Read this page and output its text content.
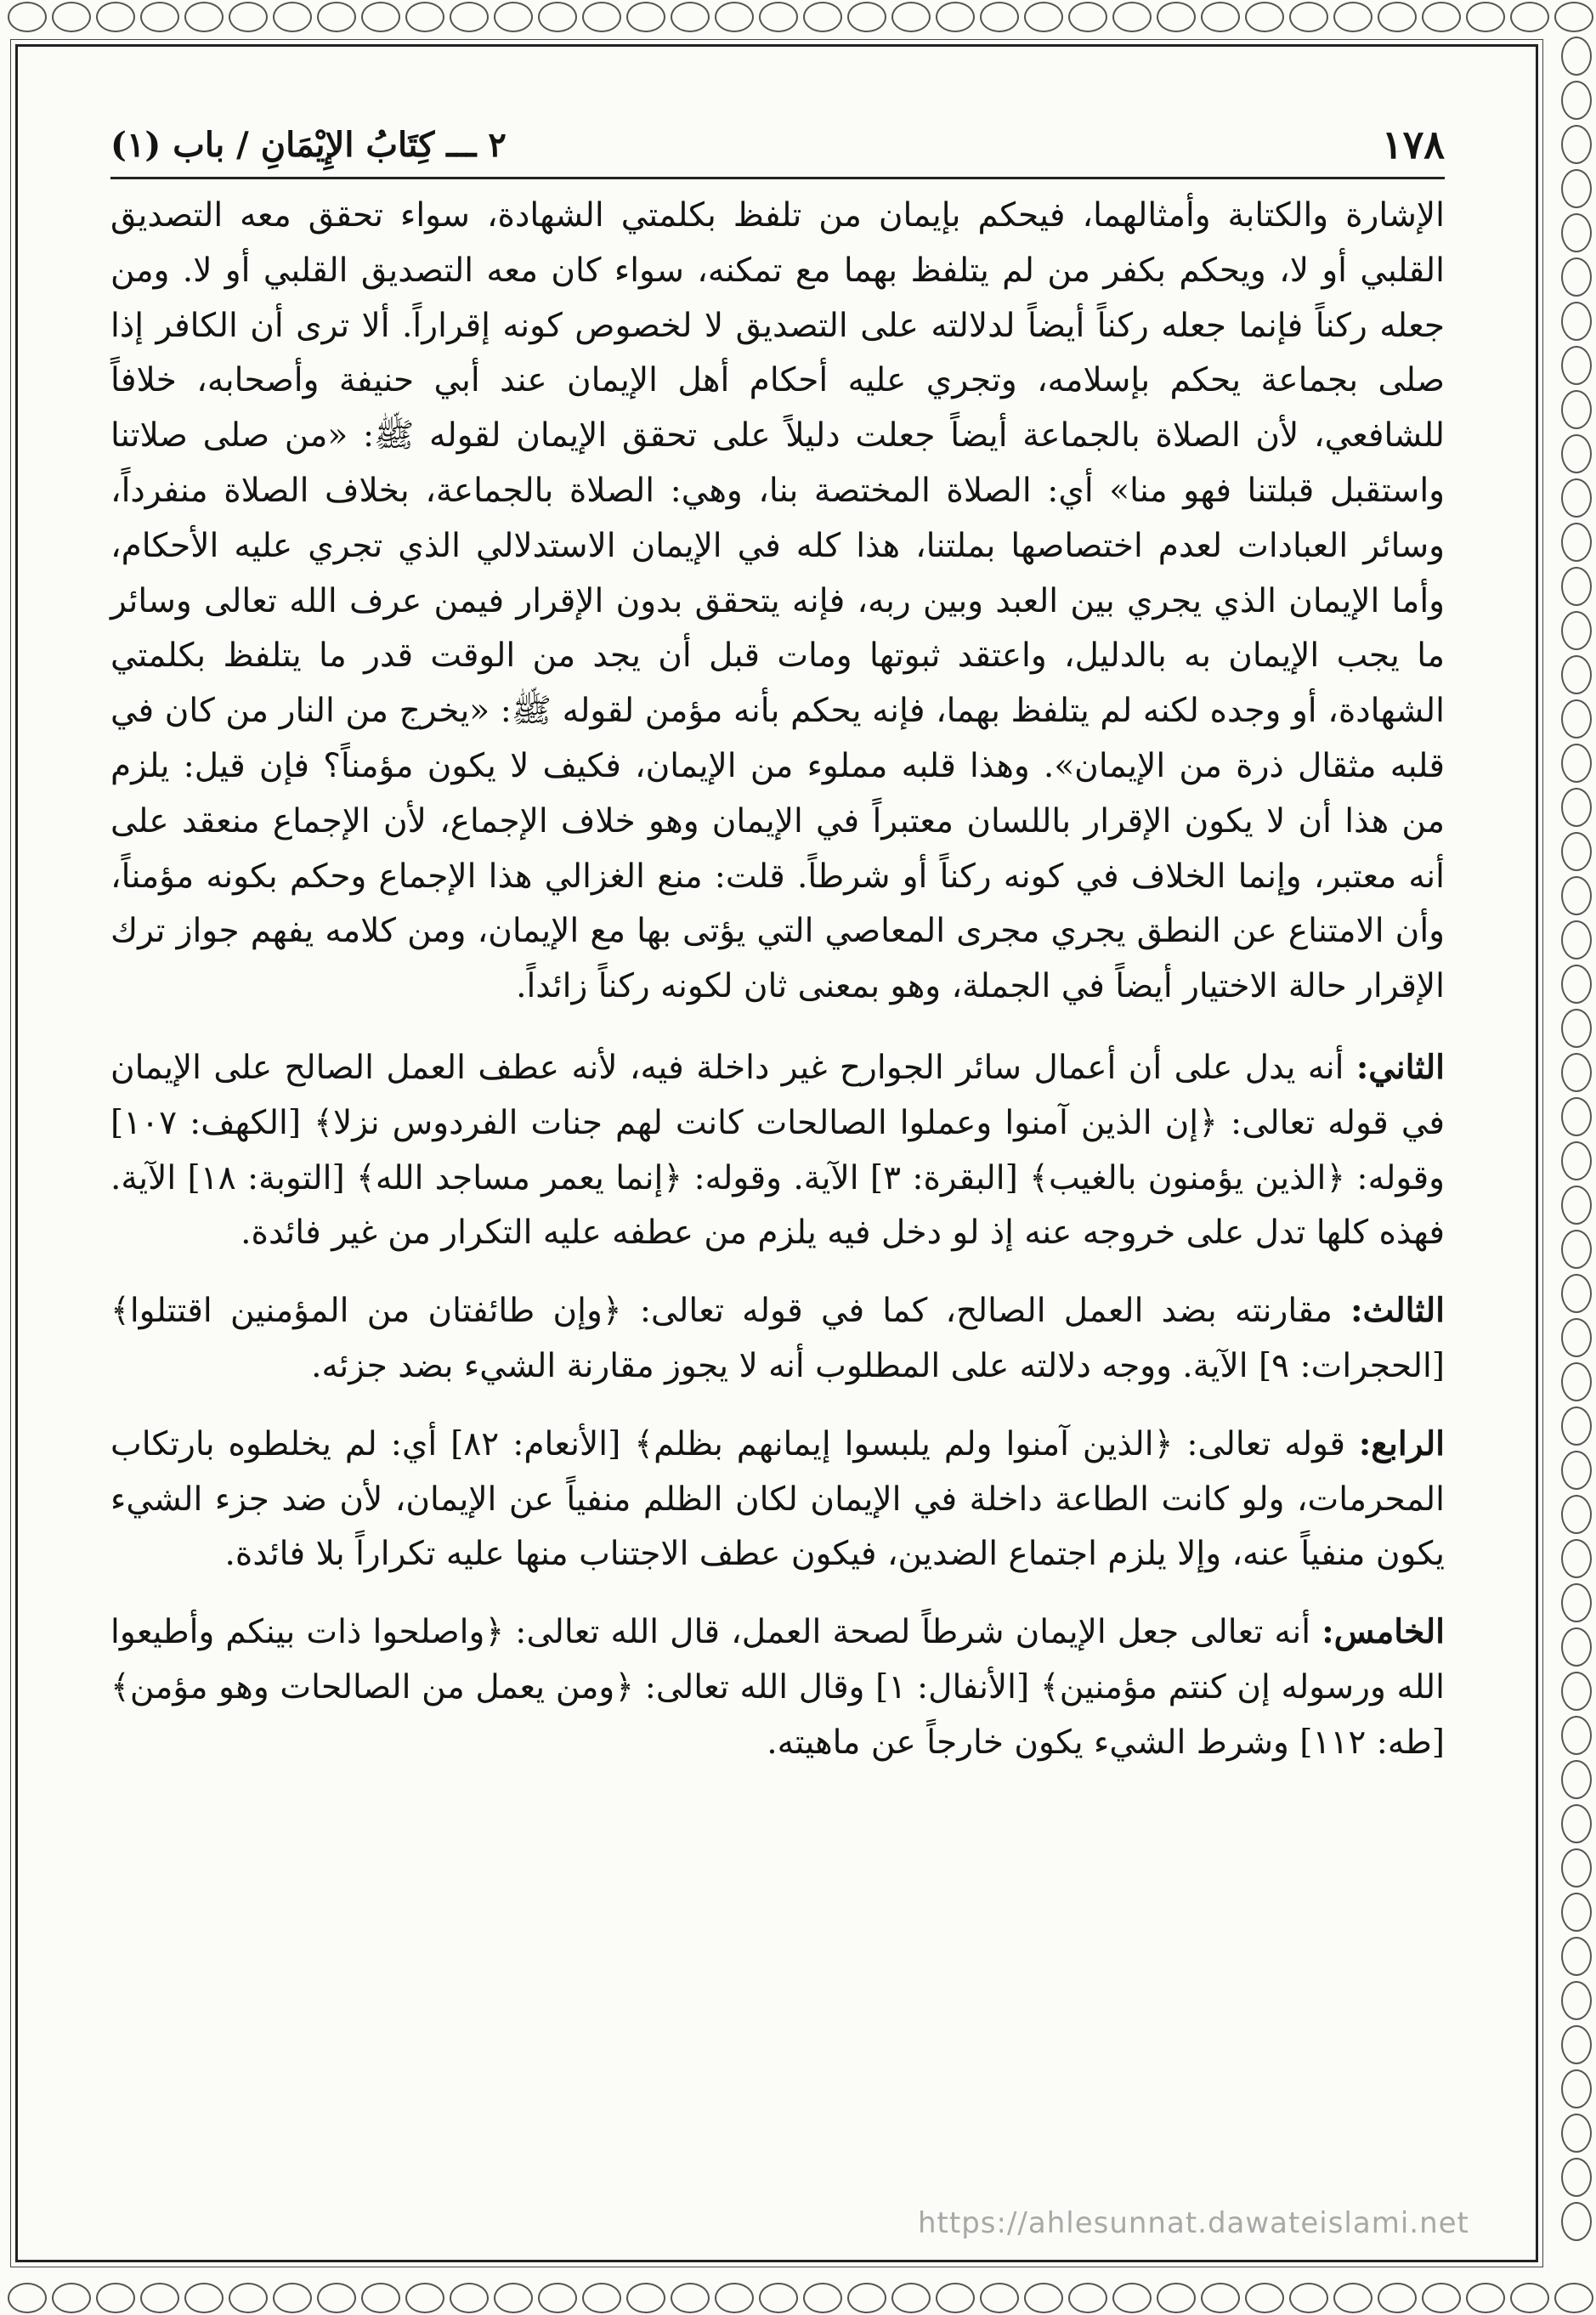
١٧٨
٢ ـــ كِتَابُ الإِيْمَانِ / باب (١)

الإشارة والكتابة وأمثالهما، فيحكم بإيمان من تلفظ بكلمتي الشهادة، سواء تحقق معه التصديق القلبي أو لا، ويحكم بكفر من لم يتلفظ بهما مع تمكنه، سواء كان معه التصديق القلبي أو لا. ومن جعله ركناً فإنما جعله ركناً أيضاً لدلالته على التصديق لا لخصوص كونه إقراراً. ألا ترى أن الكافر إذا صلى بجماعة يحكم بإسلامه، وتجري عليه أحكام أهل الإيمان عند أبي حنيفة وأصحابه، خلافاً للشافعي، لأن الصلاة بالجماعة أيضاً جعلت دليلاً على تحقق الإيمان لقوله ﷺ: «من صلى صلاتنا واستقبل قبلتنا فهو منا» أي: الصلاة المختصة بنا، وهي: الصلاة بالجماعة، بخلاف الصلاة منفرداً، وسائر العبادات لعدم اختصاصها بملتنا، هذا كله في الإيمان الاستدلالي الذي تجري عليه الأحكام، وأما الإيمان الذي يجري بين العبد وبين ربه، فإنه يتحقق بدون الإقرار فيمن عرف الله تعالى وسائر ما يجب الإيمان به بالدليل، واعتقد ثبوتها ومات قبل أن يجد من الوقت قدر ما يتلفظ بكلمتي الشهادة، أو وجده لكنه لم يتلفظ بهما، فإنه يحكم بأنه مؤمن لقوله ﷺ: «يخرج من النار من كان في قلبه مثقال ذرة من الإيمان». وهذا قلبه مملوء من الإيمان، فكيف لا يكون مؤمناً؟ فإن قيل: يلزم من هذا أن لا يكون الإقرار باللسان معتبراً في الإيمان وهو خلاف الإجماع، لأن الإجماع منعقد على أنه معتبر، وإنما الخلاف في كونه ركناً أو شرطاً. قلت: منع الغزالي هذا الإجماع وحكم بكونه مؤمناً، وأن الامتناع عن النطق يجري مجرى المعاصي التي يؤتى بها مع الإيمان، ومن كلامه يفهم جواز ترك الإقرار حالة الاختيار أيضاً في الجملة، وهو بمعنى ثان لكونه ركناً زائداً.

الثاني: أنه يدل على أن أعمال سائر الجوارح غير داخلة فيه، لأنه عطف العمل الصالح على الإيمان في قوله تعالى: ﴿إن الذين آمنوا وعملوا الصالحات كانت لهم جنات الفردوس نزلا﴾ [الكهف: ١٠٧] وقوله: ﴿الذين يؤمنون بالغيب﴾ [البقرة: ٣] الآية. وقوله: ﴿إنما يعمر مساجد الله﴾ [التوبة: ١٨] الآية. فهذه كلها تدل على خروجه عنه إذ لو دخل فيه يلزم من عطفه عليه التكرار من غير فائدة.

الثالث: مقارنته بضد العمل الصالح، كما في قوله تعالى: ﴿وإن طائفتان من المؤمنين اقتتلوا﴾ [الحجرات: ٩] الآية. ووجه دلالته على المطلوب أنه لا يجوز مقارنة الشيء بضد جزئه.

الرابع: قوله تعالى: ﴿الذين آمنوا ولم يلبسوا إيمانهم بظلم﴾ [الأنعام: ٨٢] أي: لم يخلطوه بارتكاب المحرمات، ولو كانت الطاعة داخلة في الإيمان لكان الظلم منفياً عن الإيمان، لأن ضد جزء الشيء يكون منفياً عنه، وإلا يلزم اجتماع الضدين، فيكون عطف الاجتناب منها عليه تكراراً بلا فائدة.

الخامس: أنه تعالى جعل الإيمان شرطاً لصحة العمل، قال الله تعالى: ﴿واصلحوا ذات بينكم وأطيعوا الله ورسوله إن كنتم مؤمنين﴾ [الأنفال: ١] وقال الله تعالى: ﴿ومن يعمل من الصالحات وهو مؤمن﴾ [طه: ١١٢] وشرط الشيء يكون خارجاً عن ماهيته.

https://ahlesunnat.dawateislami.net
